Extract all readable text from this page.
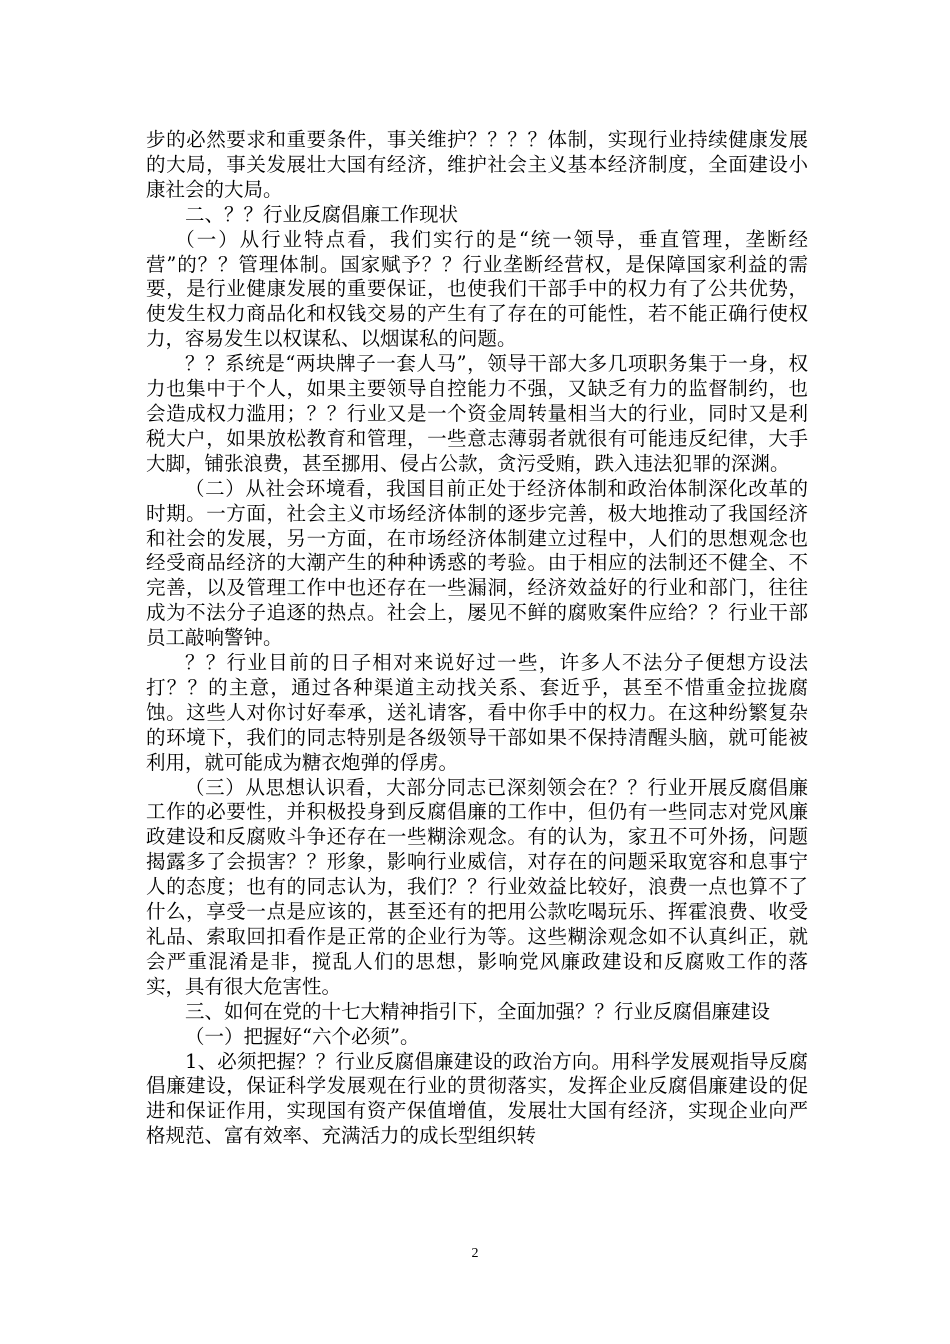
步的必然要求和重要条件，事关维护？？？？体制，实现行业持续健康发展的大局，事关发展壮大国有经济，维护社会主义基本经济制度，全面建设小康社会的大局。

二、？？行业反腐倡廉工作现状

（一）从行业特点看，我们实行的是“统一领导，垂直管理，垄断经营”的？？管理体制。国家赋予？？行业垄断经营权，是保障国家利益的需要，是行业健康发展的重要保证，也使我们干部手中的权力有了公共优势，使发生权力商品化和权钱交易的产生有了存在的可能性，若不能正确行使权力，容易发生以权谋私、以烟谋私的问题。

？？系统是“两块牌子一套人马”，领导干部大多几项职务集于一身，权力也集中于个人，如果主要领导自控能力不强，又缺乏有力的监督制约，也会造成权力滥用；？？行业又是一个资金周转量相当大的行业，同时又是利税大户，如果放松教育和管理，一些意志薄弱者就很有可能违反纪律，大手大脚，铺张浪费，甚至挪用、侵占公款，贪污受贿，跌入违法犯罪的深渊。

（二）从社会环境看，我国目前正处于经济体制和政治体制深化改革的时期。一方面，社会主义市场经济体制的逐步完善，极大地推动了我国经济和社会的发展，另一方面，在市场经济体制建立过程中，人们的思想观念也经受商品经济的大潮产生的种种诱惑的考验。由于相应的法制还不健全、不完善，以及管理工作中也还存在一些漏洞，经济效益好的行业和部门，往往成为不法分子追逐的热点。社会上，屡见不鲜的腐败案件应给？？行业干部员工敲响警钟。

？？行业目前的日子相对来说好过一些，许多人不法分子便想方设法打？？的主意，通过各种渠道主动找关系、套近乎，甚至不惜重金拉拢腐蚀。这些人对你讨好奉承，送礼请客，看中你手中的权力。在这种纷繁复杂的环境下，我们的同志特别是各级领导干部如果不保持清醒头脑，就可能被利用，就可能成为糖衣炮弹的俘虏。

（三）从思想认识看，大部分同志已深刻领会在？？行业开展反腐倡廉工作的必要性，并积极投身到反腐倡廉的工作中，但仍有一些同志对党风廉政建设和反腐败斗争还存在一些糊涂观念。有的认为，家丑不可外扬，问题揭露多了会损害？？形象，影响行业威信，对存在的问题采取宽容和息事宁人的态度；也有的同志认为，我们？？行业效益比较好，浪费一点也算不了什么，享受一点是应该的，甚至还有的把用公款吃喝玩乐、挥霍浪费、收受礼品、索取回扣看作是正常的企业行为等。这些糊涂观念如不认真纠正，就会严重混淆是非，搅乱人们的思想，影响党风廉政建设和反腐败工作的落实，具有很大危害性。

三、如何在党的十七大精神指引下，全面加强？？行业反腐倡廉建设

（一）把握好“六个必须”。

1、必须把握？？行业反腐倡廉建设的政治方向。用科学发展观指导反腐倡廉建设，保证科学发展观在行业的贯彻落实，发挥企业反腐倡廉建设的促进和保证作用，实现国有资产保值增值，发展壮大国有经济，实现企业向严格规范、富有效率、充满活力的成长型组织转

2
